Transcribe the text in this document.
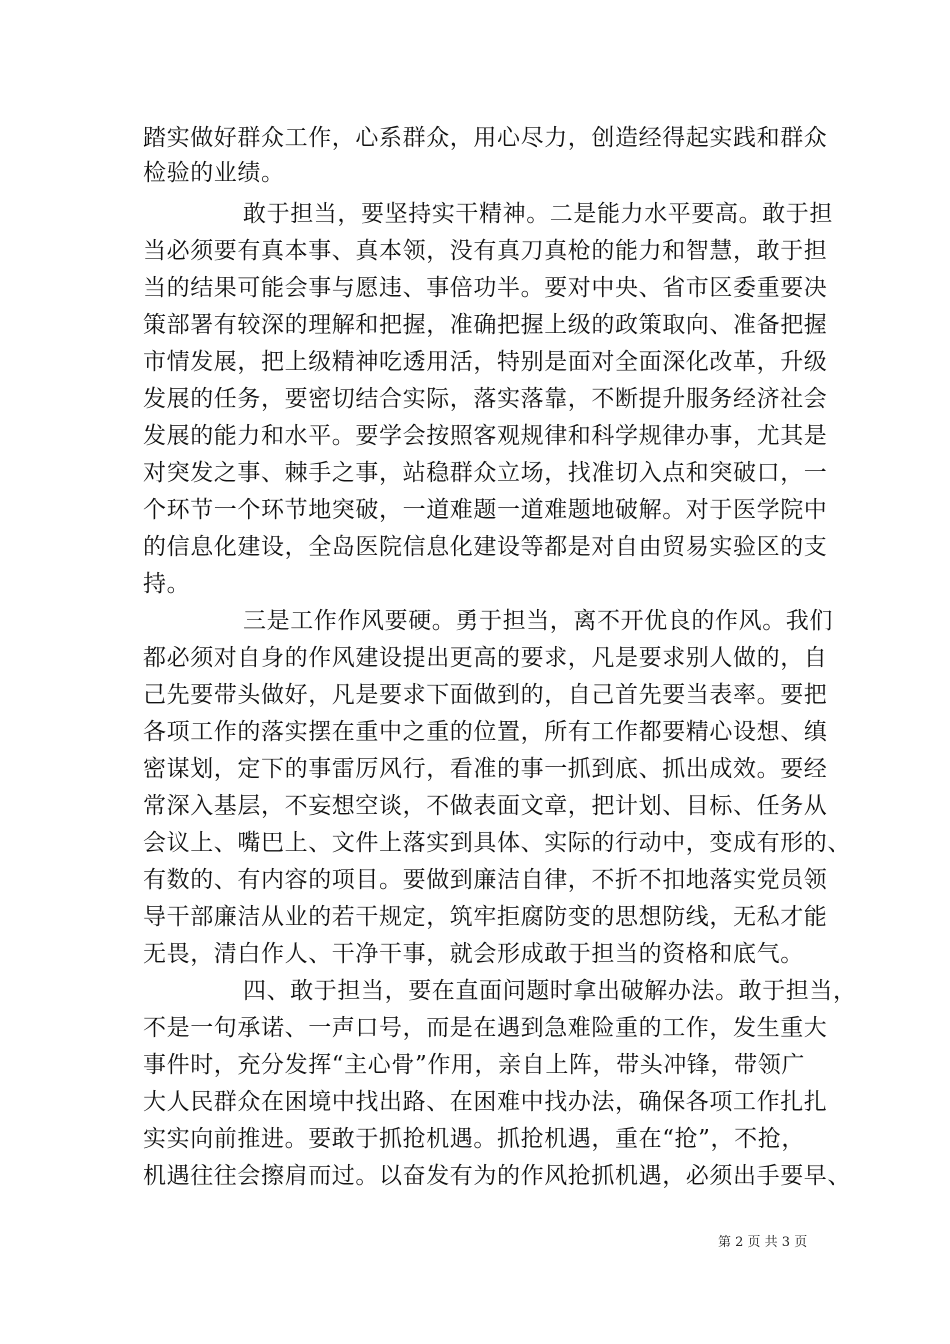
踏实做好群众工作，心系群众，用心尽力，创造经得起实践和群众
检验的业绩。
敢于担当，要坚持实干精神。二是能力水平要高。敢于担
当必须要有真本事、真本领，没有真刀真枪的能力和智慧，敢于担
当的结果可能会事与愿违、事倍功半。要对中央、省市区委重要决
策部署有较深的理解和把握，准确把握上级的政策取向、准备把握
市情发展，把上级精神吃透用活，特别是面对全面深化改革，升级
发展的任务，要密切结合实际，落实落靠，不断提升服务经济社会
发展的能力和水平。要学会按照客观规律和科学规律办事，尤其是
对突发之事、棘手之事，站稳群众立场，找准切入点和突破口，一
个环节一个环节地突破，一道难题一道难题地破解。对于医学院中
的信息化建设，全岛医院信息化建设等都是对自由贸易实验区的支
持。
三是工作作风要硬。勇于担当，离不开优良的作风。我们
都必须对自身的作风建设提出更高的要求，凡是要求别人做的，自
己先要带头做好，凡是要求下面做到的，自己首先要当表率。要把
各项工作的落实摆在重中之重的位置，所有工作都要精心设想、缜
密谋划，定下的事雷厉风行，看准的事一抓到底、抓出成效。要经
常深入基层，不妄想空谈，不做表面文章，把计划、目标、任务从
会议上、嘴巴上、文件上落实到具体、实际的行动中，变成有形的、
有数的、有内容的项目。要做到廉洁自律，不折不扣地落实党员领
导干部廉洁从业的若干规定，筑牢拒腐防变的思想防线，无私才能
无畏，清白作人、干净干事，就会形成敢于担当的资格和底气。
四、敢于担当，要在直面问题时拿出破解办法。敢于担当，
不是一句承诺、一声口号，而是在遇到急难险重的工作，发生重大
事件时，充分发挥“主心骨”作用，亲自上阵，带头冲锋，带领广
大人民群众在困境中找出路、在困难中找办法，确保各项工作扎扎
实实向前推进。要敢于抓抢机遇。抓抢机遇，重在“抢”，不抢，
机遇往往会擦肩而过。以奋发有为的作风抢抓机遇，必须出手要早、
第 2 页 共 3 页
